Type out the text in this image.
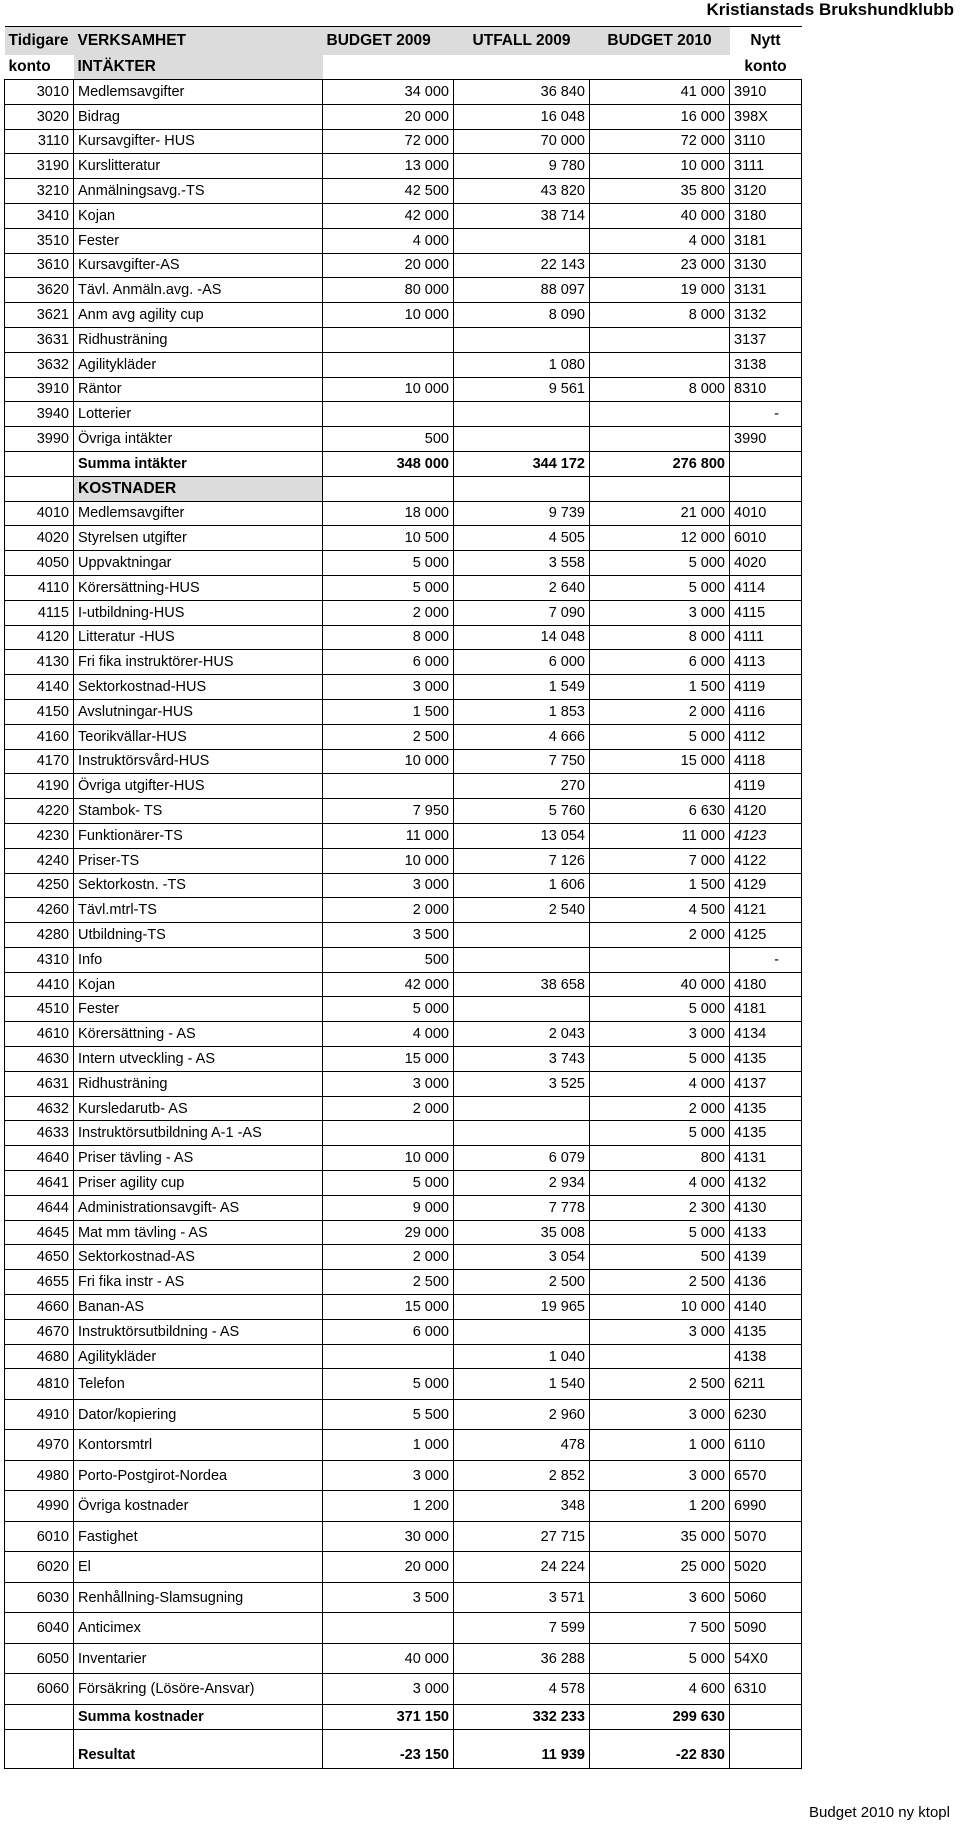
Kristianstads Brukshundklubb
Tidigare	VERKSAMHET	BUDGET 2009	UTFALL 2009	BUDGET 2010	Nytt
konto	INTÄKTER				konto
3010	Medlemsavgifter	34 000	36 840	41 000	3910
3020	Bidrag	20 000	16 048	16 000	398X
3110	Kursavgifter- HUS	72 000	70 000	72 000	3110
3190	Kurslitteratur	13 000	9 780	10 000	3111
3210	Anmälningsavg.-TS	42 500	43 820	35 800	3120
3410	Kojan	42 000	38 714	40 000	3180
3510	Fester	4 000		4 000	3181
3610	Kursavgifter-AS	20 000	22 143	23 000	3130
3620	Tävl. Anmäln.avg. -AS	80 000	88 097	19 000	3131
3621	Anm avg agility cup	10 000	8 090	8 000	3132
3631	Ridhusträning				3137
3632	Agilitykläder		1 080		3138
3910	Räntor	10 000	9 561	8 000	8310
3940	Lotterier				-
3990	Övriga intäkter	500			3990
	Summa intäkter	348 000	344 172	276 800	
	KOSTNADER				
4010	Medlemsavgifter	18 000	9 739	21 000	4010
4020	Styrelsen utgifter	10 500	4 505	12 000	6010
4050	Uppvaktningar	5 000	3 558	5 000	4020
4110	Körersättning-HUS	5 000	2 640	5 000	4114
4115	I-utbildning-HUS	2 000	7 090	3 000	4115
4120	Litteratur -HUS	8 000	14 048	8 000	4111
4130	Fri fika instruktörer-HUS	6 000	6 000	6 000	4113
4140	Sektorkostnad-HUS	3 000	1 549	1 500	4119
4150	Avslutningar-HUS	1 500	1 853	2 000	4116
4160	Teorikvällar-HUS	2 500	4 666	5 000	4112
4170	Instruktörsvård-HUS	10 000	7 750	15 000	4118
4190	Övriga utgifter-HUS		270		4119
4220	Stambok- TS	7 950	5 760	6 630	4120
4230	Funktionärer-TS	11 000	13 054	11 000	4123
4240	Priser-TS	10 000	7 126	7 000	4122
4250	Sektorkostn. -TS	3 000	1 606	1 500	4129
4260	Tävl.mtrl-TS	2 000	2 540	4 500	4121
4280	Utbildning-TS	3 500		2 000	4125
4310	Info	500			-
4410	Kojan	42 000	38 658	40 000	4180
4510	Fester	5 000		5 000	4181
4610	Körersättning - AS	4 000	2 043	3 000	4134
4630	Intern utveckling - AS	15 000	3 743	5 000	4135
4631	Ridhusträning	3 000	3 525	4 000	4137
4632	Kursledarutb- AS	2 000		2 000	4135
4633	Instruktörsutbildning A-1 -AS			5 000	4135
4640	Priser tävling - AS	10 000	6 079	800	4131
4641	Priser agility cup	5 000	2 934	4 000	4132
4644	Administrationsavgift- AS	9 000	7 778	2 300	4130
4645	Mat mm tävling - AS	29 000	35 008	5 000	4133
4650	Sektorkostnad-AS	2 000	3 054	500	4139
4655	Fri fika instr - AS	2 500	2 500	2 500	4136
4660	Banan-AS	15 000	19 965	10 000	4140
4670	Instruktörsutbildning - AS	6 000		3 000	4135
4680	Agilitykläder		1 040		4138
4810	Telefon	5 000	1 540	2 500	6211
4910	Dator/kopiering	5 500	2 960	3 000	6230
4970	Kontorsmtrl	1 000	478	1 000	6110
4980	Porto-Postgirot-Nordea	3 000	2 852	3 000	6570
4990	Övriga kostnader	1 200	348	1 200	6990
6010	Fastighet	30 000	27 715	35 000	5070
6020	El	20 000	24 224	25 000	5020
6030	Renhållning-Slamsugning	3 500	3 571	3 600	5060
6040	Anticimex		7 599	7 500	5090
6050	Inventarier	40 000	36 288	5 000	54X0
6060	Försäkring (Lösöre-Ansvar)	3 000	4 578	4 600	6310
	Summa kostnader	371 150	332 233	299 630	

	Resultat	-23 150	11 939	-22 830	
Budget 2010 ny ktopl
